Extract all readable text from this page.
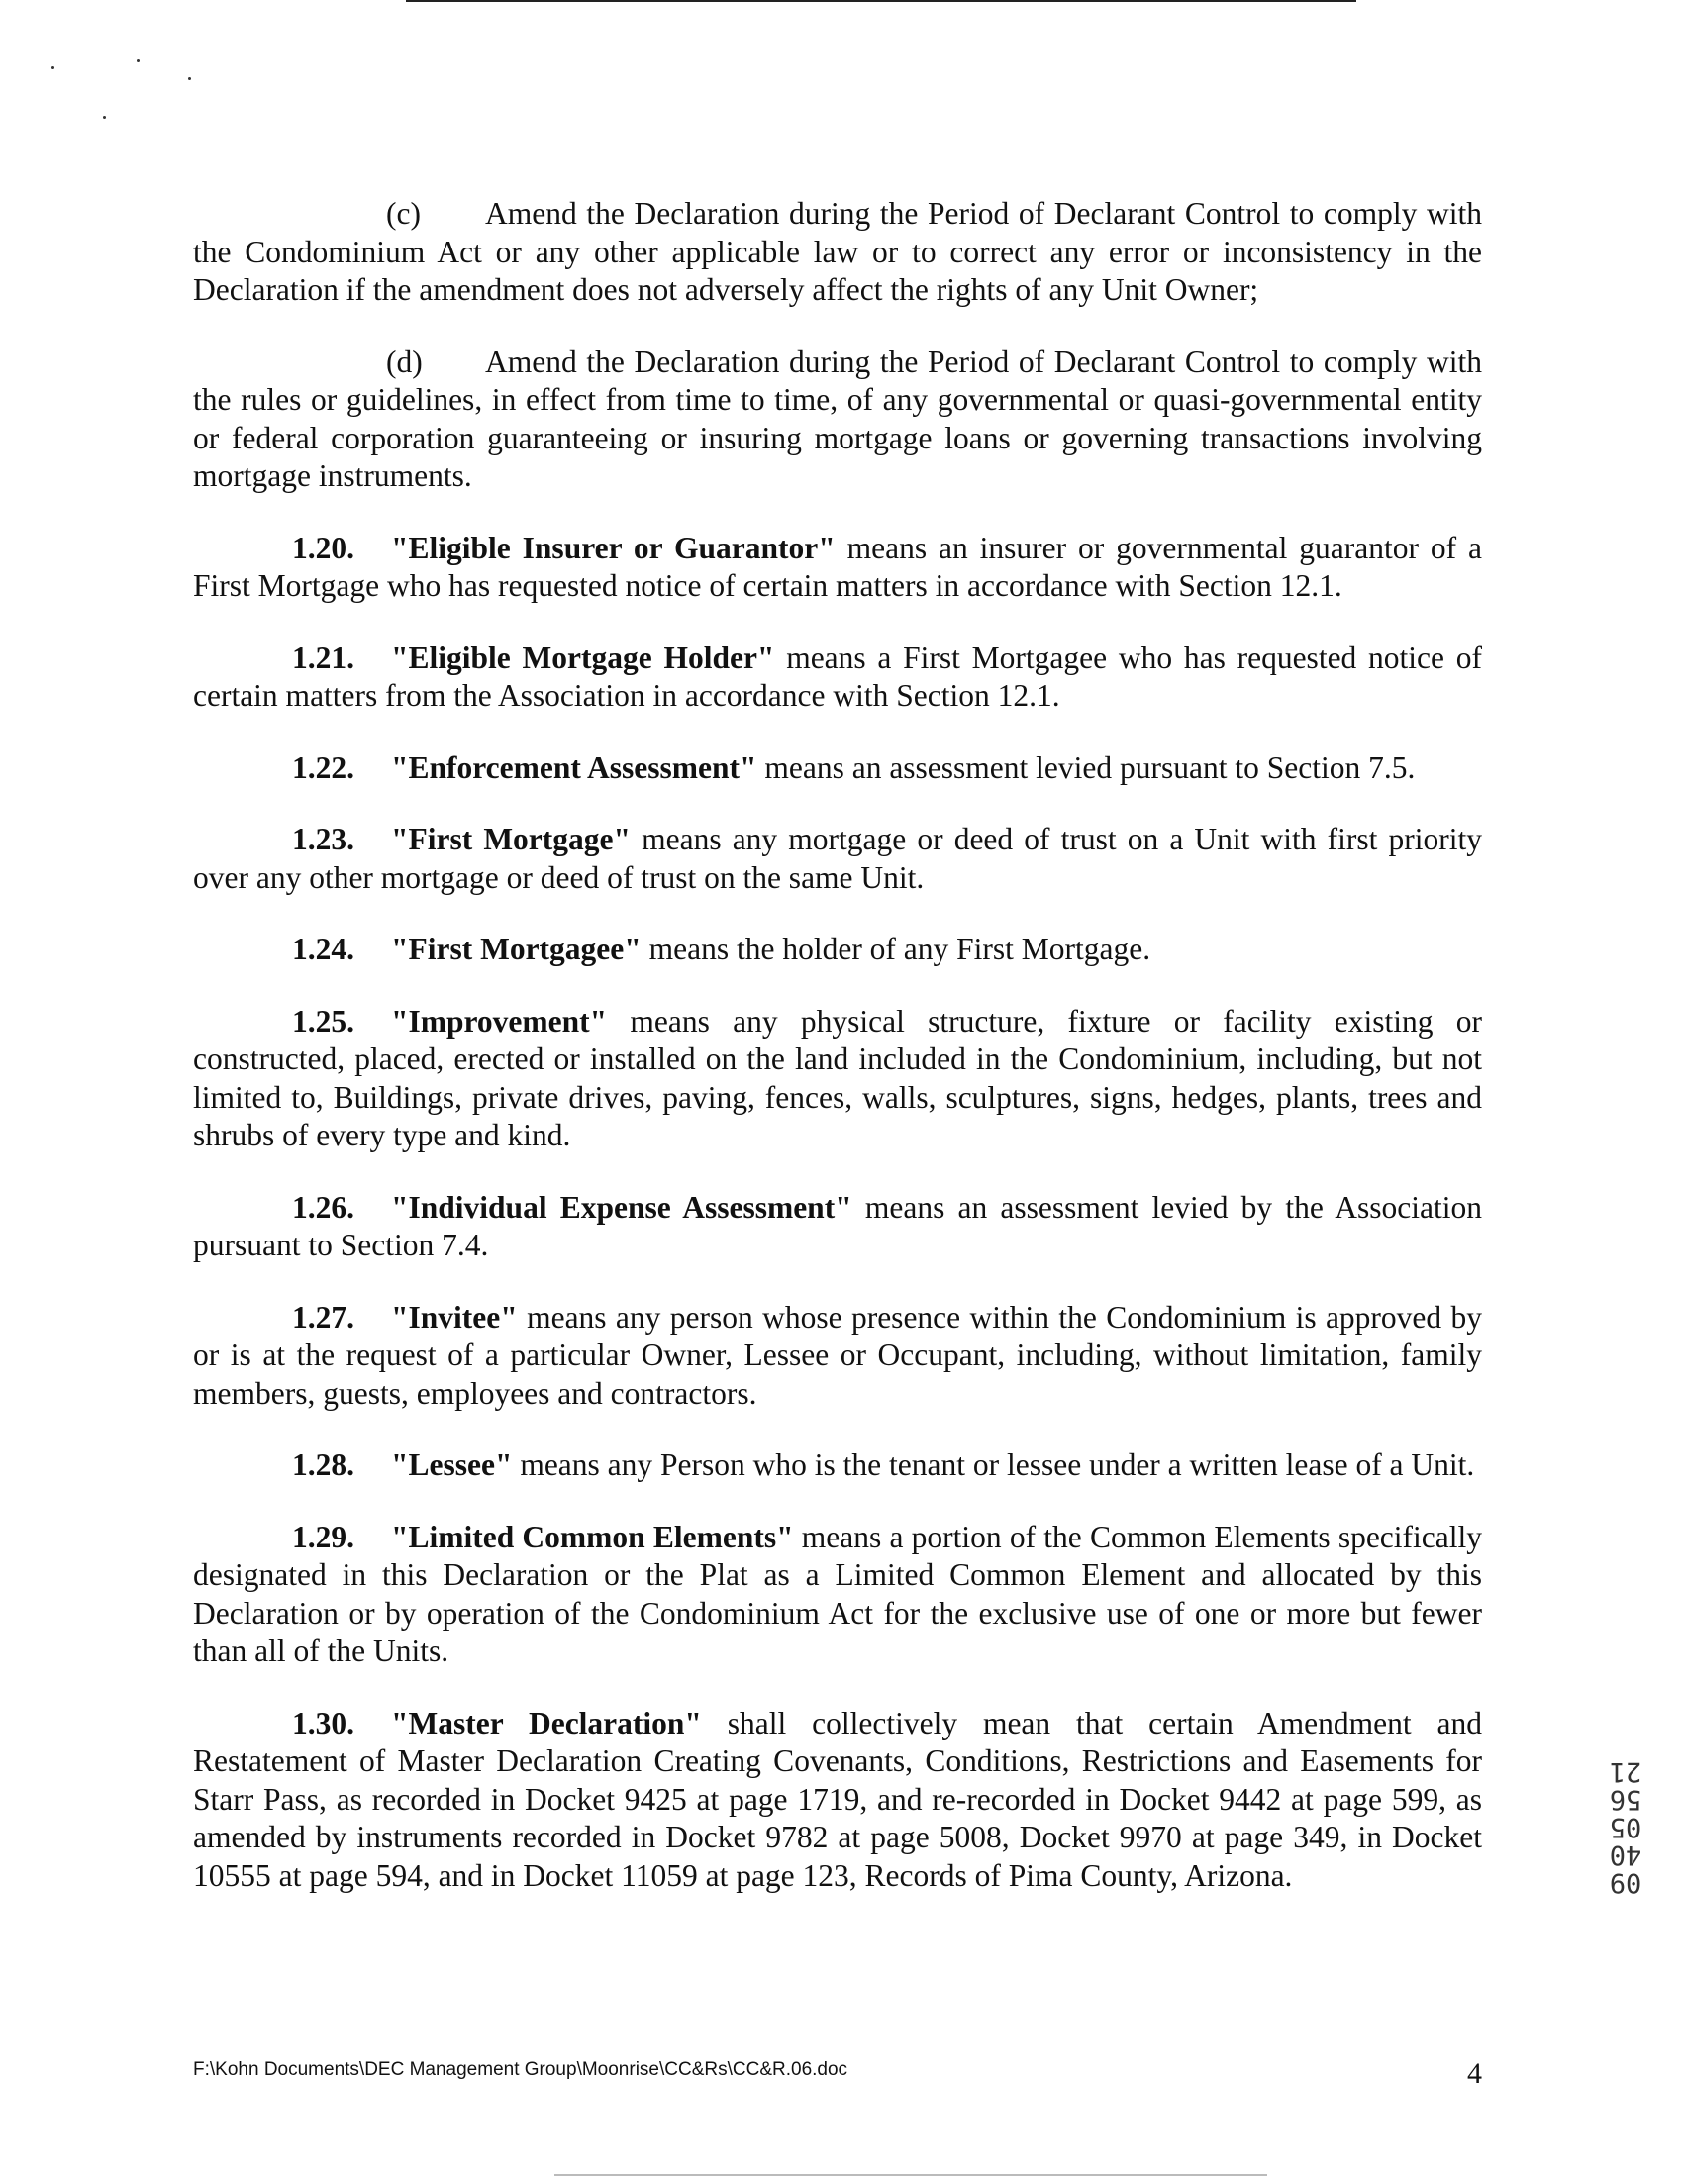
(c) Amend the Declaration during the Period of Declarant Control to comply with the Condominium Act or any other applicable law or to correct any error or inconsistency in the Declaration if the amendment does not adversely affect the rights of any Unit Owner;

(d) Amend the Declaration during the Period of Declarant Control to comply with the rules or guidelines, in effect from time to time, of any governmental or quasi-governmental entity or federal corporation guaranteeing or insuring mortgage loans or governing transactions involving mortgage instruments.

1.20. "Eligible Insurer or Guarantor" means an insurer or governmental guarantor of a First Mortgage who has requested notice of certain matters in accordance with Section 12.1.

1.21. "Eligible Mortgage Holder" means a First Mortgagee who has requested notice of certain matters from the Association in accordance with Section 12.1.

1.22. "Enforcement Assessment" means an assessment levied pursuant to Section 7.5.

1.23. "First Mortgage" means any mortgage or deed of trust on a Unit with first priority over any other mortgage or deed of trust on the same Unit.

1.24. "First Mortgagee" means the holder of any First Mortgage.

1.25. "Improvement" means any physical structure, fixture or facility existing or constructed, placed, erected or installed on the land included in the Condominium, including, but not limited to, Buildings, private drives, paving, fences, walls, sculptures, signs, hedges, plants, trees and shrubs of every type and kind.

1.26. "Individual Expense Assessment" means an assessment levied by the Association pursuant to Section 7.4.

1.27. "Invitee" means any person whose presence within the Condominium is approved by or is at the request of a particular Owner, Lessee or Occupant, including, without limitation, family members, guests, employees and contractors.

1.28. "Lessee" means any Person who is the tenant or lessee under a written lease of a Unit.

1.29. "Limited Common Elements" means a portion of the Common Elements specifically designated in this Declaration or the Plat as a Limited Common Element and allocated by this Declaration or by operation of the Condominium Act for the exclusive use of one or more but fewer than all of the Units.

1.30. "Master Declaration" shall collectively mean that certain Amendment and Restatement of Master Declaration Creating Covenants, Conditions, Restrictions and Easements for Starr Pass, as recorded in Docket 9425 at page 1719, and re-recorded in Docket 9442 at page 599, as amended by instruments recorded in Docket 9782 at page 5008, Docket 9970 at page 349, in Docket 10555 at page 594, and in Docket 11059 at page 123, Records of Pima County, Arizona.	0940055621
F:\Kohn Documents\DEC Management Group\Moonrise\CC&Rs\CC&R.06.doc	4
